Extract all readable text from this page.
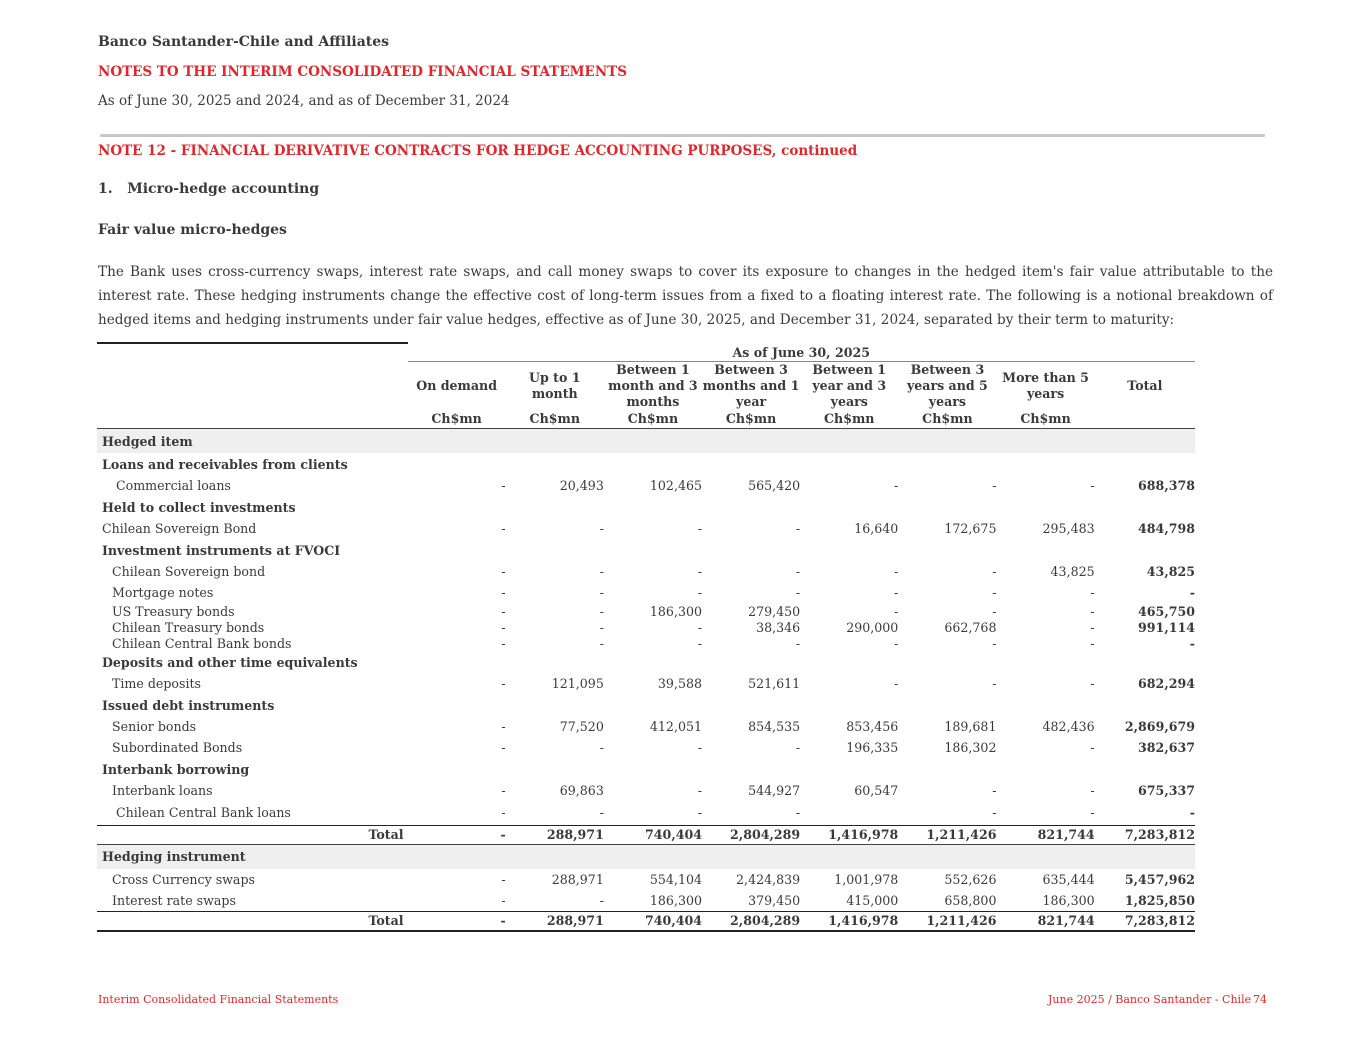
Banco Santander-Chile and Affiliates
NOTES TO THE INTERIM CONSOLIDATED FINANCIAL STATEMENTS
As of June 30, 2025 and 2024, and as of December 31, 2024
NOTE 12 - FINANCIAL DERIVATIVE CONTRACTS FOR HEDGE ACCOUNTING PURPOSES, continued
1.   Micro-hedge accounting
Fair value micro-hedges
The Bank uses cross-currency swaps, interest rate swaps, and call money swaps to cover its exposure to changes in the hedged item's fair value attributable to the interest rate. These hedging instruments change the effective cost of long-term issues from a fixed to a floating interest rate. The following is a notional breakdown of hedged items and hedging instruments under fair value hedges, effective as of June 30, 2025, and December 31, 2024, separated by their term to maturity:
	As of June 30, 2025							
	On demand	Up to 1 month	Between 1 month and 3 months	Between 3 months and 1 year	Between 1 year and 3 years	Between 3 years and 5 years	More than 5 years	Total
	Ch$mn	Ch$mn	Ch$mn	Ch$mn	Ch$mn	Ch$mn	Ch$mn	
Hedged item								
Loans and receivables from clients								
Commercial loans	-	20,493	102,465	565,420	-	-	-	688,378
Held to collect investments								
Chilean Sovereign Bond	-	-	-	-	16,640	172,675	295,483	484,798
Investment instruments at FVOCI								
Chilean Sovereign bond	-	-	-	-	-	-	43,825	43,825
Mortgage notes	-	-	-	-	-	-	-	-
US Treasury bonds	-	-	186,300	279,450	-	-	-	465,750
Chilean Treasury bonds	-	-	-	38,346	290,000	662,768	-	991,114
Chilean Central Bank bonds	-	-	-	-	-	-	-	-
Deposits and other time equivalents								
Time deposits	-	121,095	39,588	521,611	-	-	-	682,294
Issued debt instruments								
Senior bonds	-	77,520	412,051	854,535	853,456	189,681	482,436	2,869,679
Subordinated Bonds	-	-	-	-	196,335	186,302	-	382,637
Interbank borrowing								
Interbank loans	-	69,863	-	544,927	60,547	-	-	675,337
Chilean Central Bank loans	-	-	-	-		-	-	-
Total	-	288,971	740,404	2,804,289	1,416,978	1,211,426	821,744	7,283,812
Hedging instrument								
Cross Currency swaps	-	288,971	554,104	2,424,839	1,001,978	552,626	635,444	5,457,962
Interest rate swaps	-	-	186,300	379,450	415,000	658,800	186,300	1,825,850
Total	-	288,971	740,404	2,804,289	1,416,978	1,211,426	821,744	7,283,812
Interim Consolidated Financial Statements	June 2025 / Banco Santander - Chile 74
